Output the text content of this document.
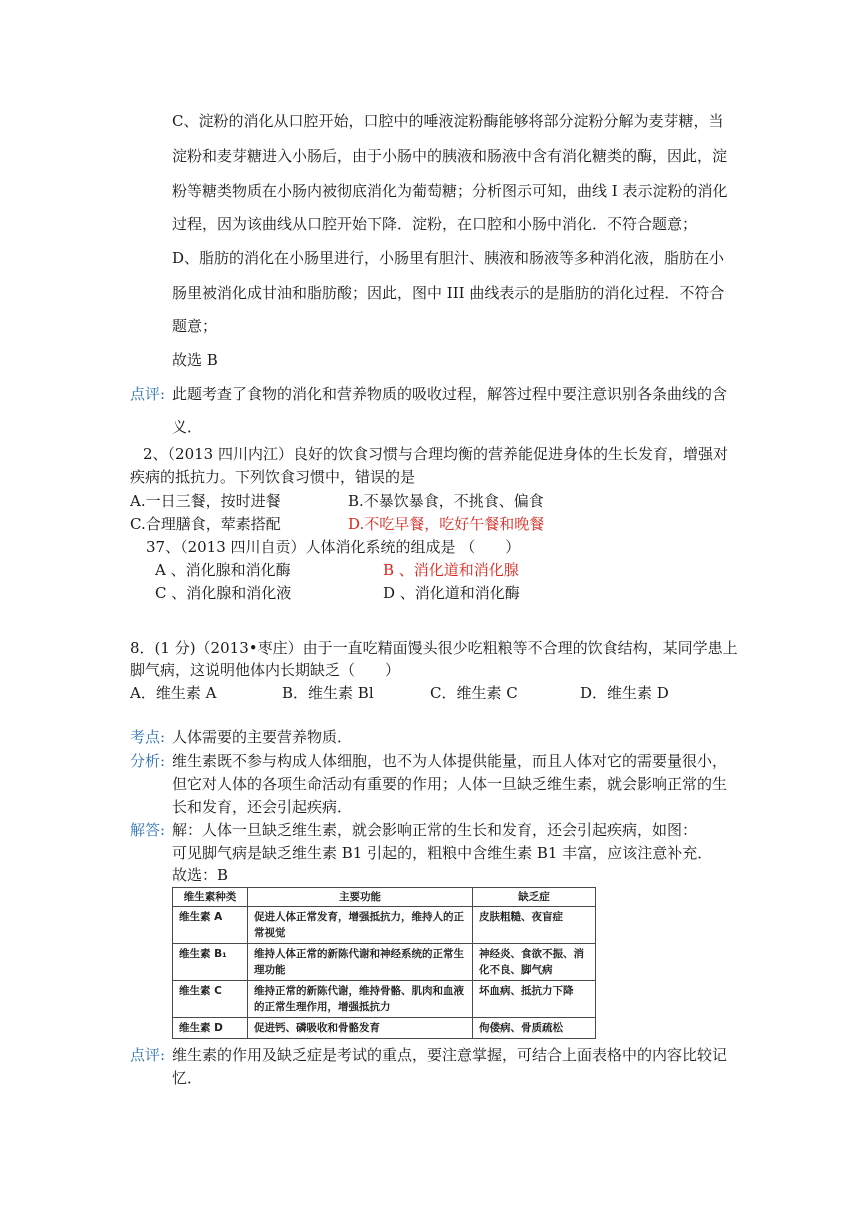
C、淀粉的消化从口腔开始，口腔中的唾液淀粉酶能够将部分淀粉分解为麦芽糖，当
淀粉和麦芽糖进入小肠后，由于小肠中的胰液和肠液中含有消化糖类的酶，因此，淀
粉等糖类物质在小肠内被彻底消化为葡萄糖；分析图示可知，曲线 I 表示淀粉的消化
过程，因为该曲线从口腔开始下降．淀粉，在口腔和小肠中消化．不符合题意；
D、脂肪的消化在小肠里进行，小肠里有胆汁、胰液和肠液等多种消化液，脂肪在小
肠里被消化成甘油和脂肪酸；因此，图中 III 曲线表示的是脂肪的消化过程．不符合
题意；
故选 B
点评: 此题考查了食物的消化和营养物质的吸收过程，解答过程中要注意识别各条曲线的含
义．
2、（2013 四川内江）良好的饮食习惯与合理均衡的营养能促进身体的生长发育，增强对
疾病的抵抗力。下列饮食习惯中，错误的是
A.一日三餐，按时进餐	B.不暴饮暴食，不挑食、偏食
C.合理膳食，荤素搭配	D.不吃早餐，吃好午餐和晚餐
37、（2013 四川自贡）人体消化系统的组成是 （　　）
A 、消化腺和消化酶	B 、消化道和消化腺
C 、消化腺和消化液	D 、消化道和消化酶
8．(1 分)（2013•枣庄）由于一直吃精面馒头很少吃粗粮等不合理的饮食结构，某同学患上
脚气病，这说明他体内长期缺乏（　　）
A．维生素 A	B．维生素 Bl	C．维生素 C	D．维生素 D
考点: 人体需要的主要营养物质．
分析: 维生素既不参与构成人体细胞，也不为人体提供能量，而且人体对它的需要量很小，
但它对人体的各项生命活动有重要的作用；人体一旦缺乏维生素，就会影响正常的生
长和发育，还会引起疾病．
解答: 解：人体一旦缺乏维生素，就会影响正常的生长和发育，还会引起疾病，如图：
可见脚气病是缺乏维生素 B1 引起的，粗粮中含维生素 B1 丰富，应该注意补充．
故选：B
维生素种类	主要功能	缺乏症
维生素 A	促进人体正常发育，增强抵抗力，维持人的正常视觉	皮肤粗糙、夜盲症
维生素 B₁	维持人体正常的新陈代谢和神经系统的正常生理功能	神经炎、食欲不振、消化不良、脚气病
维生素 C	维持正常的新陈代谢，维持骨骼、肌肉和血液的正常生理作用，增强抵抗力	坏血病、抵抗力下降
维生素 D	促进钙、磷吸收和骨骼发育	佝偻病、骨质疏松
点评: 维生素的作用及缺乏症是考试的重点，要注意掌握，可结合上面表格中的内容比较记
忆．
